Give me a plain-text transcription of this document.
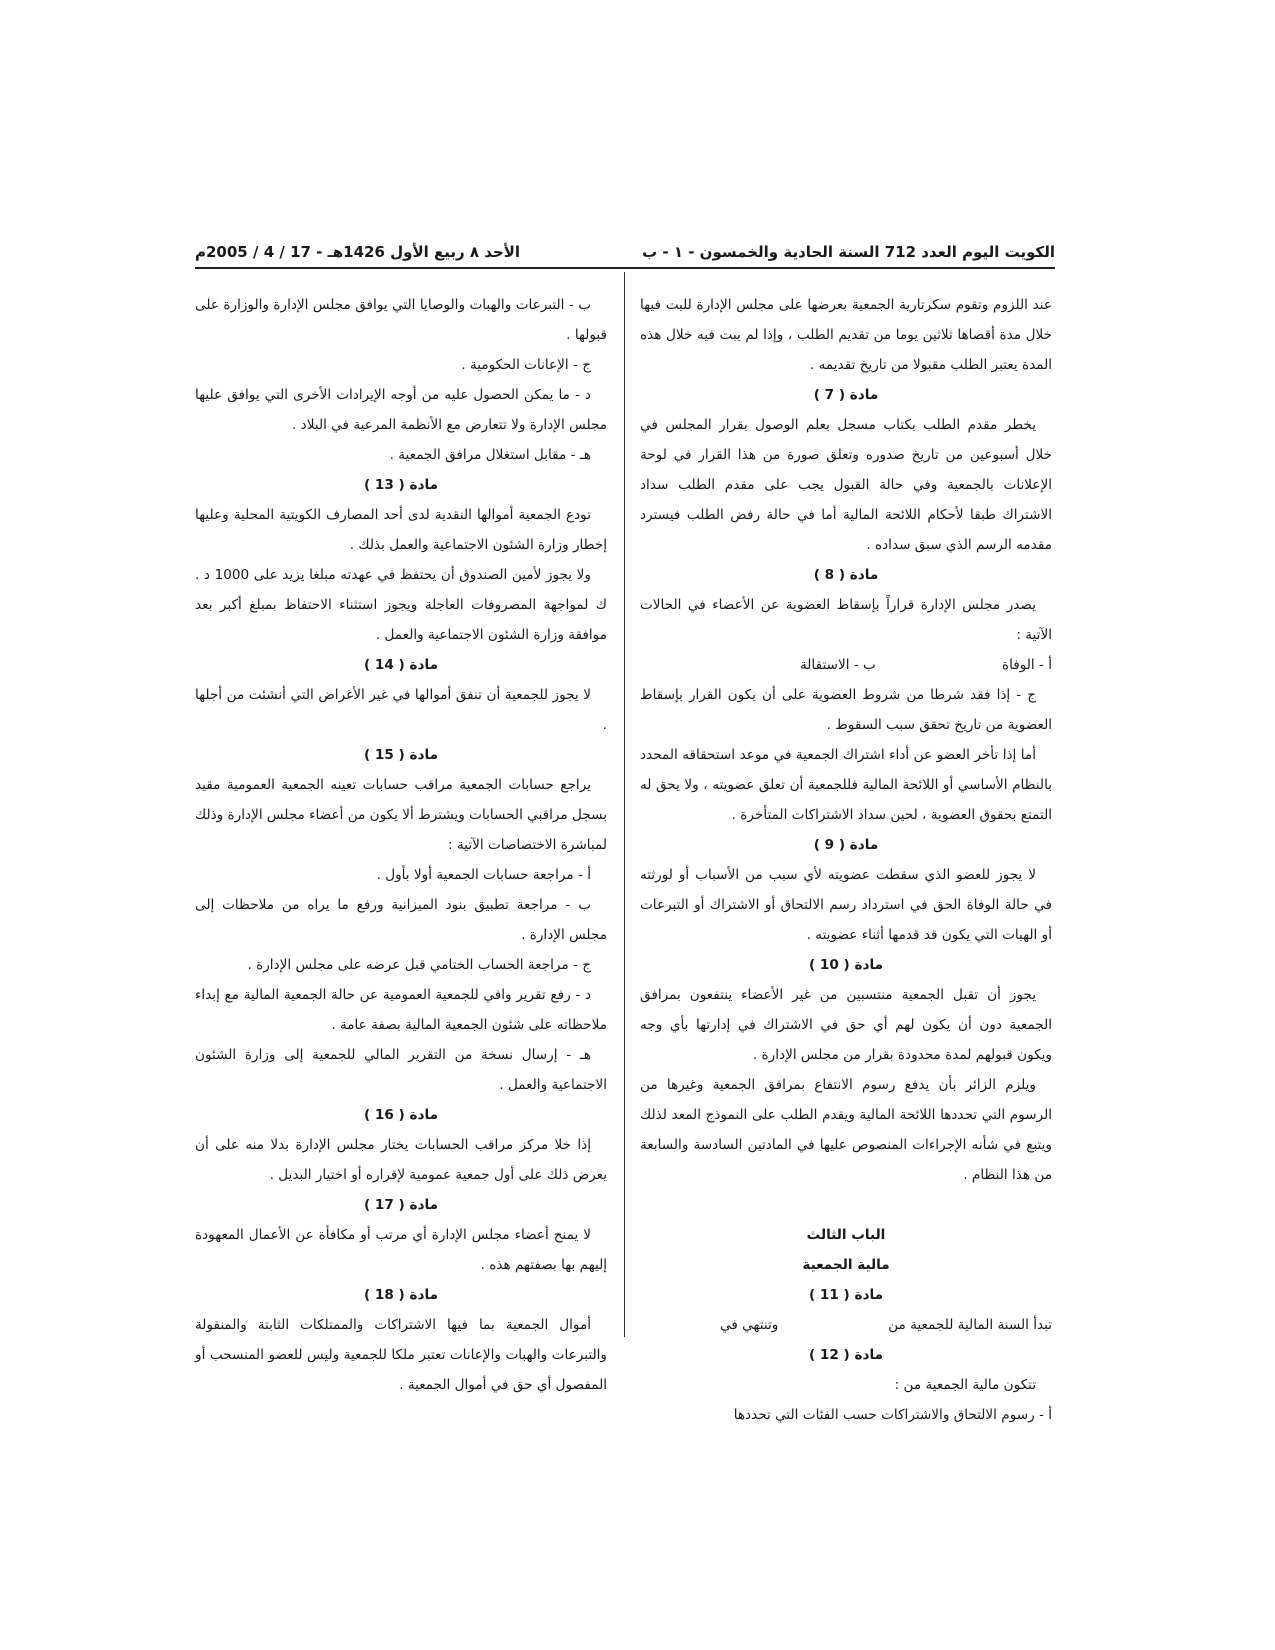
الكويت اليوم العدد 712 السنة الحادية والخمسون - ١ - ب
الأحد ٨ ربيع الأول 1426هـ - 17 / 4 / 2005م

عند اللزوم وتقوم سكرتارية الجمعية بعرضها على مجلس الإدارة للبت فيها خلال مدة أقصاها ثلاثين يوما من تقديم الطلب ، وإذا لم يبت فيه خلال هذه المدة يعتبر الطلب مقبولا من تاريخ تقديمه .

مادة ( 7 )

يخطر مقدم الطلب بكتاب مسجل بعلم الوصول بقرار المجلس في خلال أسبوعين من تاريخ صدوره وتعلق صورة من هذا القرار في لوحة الإعلانات بالجمعية وفي حالة القبول يجب على مقدم الطلب سداد الاشتراك طبقا لأحكام اللائحة المالية أما في حالة رفض الطلب فيسترد مقدمه الرسم الذي سبق سداده .

مادة ( 8 )

يصدر مجلس الإدارة قراراً بإسقاط العضوية عن الأعضاء في الحالات الآتية :

أ - الوفاة
ب - الاستقالة

ج - إذا فقد شرطا من شروط العضوية على أن يكون القرار بإسقاط العضوية من تاريخ تحقق سبب السقوط .

أما إذا تأخر العضو عن أداء اشتراك الجمعية في موعد استحقاقه المحدد بالنظام الأساسي أو اللائحة المالية فللجمعية أن تعلق عضويته ، ولا يحق له التمتع بحقوق العضوية ، لحين سداد الاشتراكات المتأخرة .

مادة ( 9 )

لا يجوز للعضو الذي سقطت عضويته لأي سبب من الأسباب أو لورثته في حالة الوفاة الحق في استرداد رسم الالتحاق أو الاشتراك أو التبرعات أو الهبات التي يكون قد قدمها أثناء عضويته .

مادة ( 10 )

يجوز أن تقبل الجمعية منتسبين من غير الأعضاء ينتفعون بمرافق الجمعية دون أن يكون لهم أي حق في الاشتراك في إدارتها بأي وجه ويكون قبولهم لمدة محدودة بقرار من مجلس الإدارة .

ويلزم الزائر بأن يدفع رسوم الانتفاع بمرافق الجمعية وغيرها من الرسوم التي تحددها اللائحة المالية ويقدم الطلب على النموذج المعد لذلك ويتبع في شأنه الإجراءات المنصوص عليها في المادتين السادسة والسابعة من هذا النظام .

الباب الثالث

مالية الجمعية

مادة ( 11 )

تبدأ السنة المالية للجمعية من
وتنتهي في

مادة ( 12 )

تتكون مالية الجمعية من :

أ - رسوم الالتحاق والاشتراكات حسب الفئات التي تحددها

ب - التبرعات والهبات والوصايا التي يوافق مجلس الإدارة والوزارة على قبولها .

ج - الإعانات الحكومية .

د - ما يمكن الحصول عليه من أوجه الإيرادات الأخرى التي يوافق عليها مجلس الإدارة ولا تتعارض مع الأنظمة المرعية في البلاد .

هـ - مقابل استغلال مرافق الجمعية .

مادة ( 13 )

تودع الجمعية أموالها النقدية لدى أحد المصارف الكويتية المحلية وعليها إخطار وزارة الشئون الاجتماعية والعمل بذلك .

ولا يجوز لأمين الصندوق أن يحتفظ في عهدته مبلغا يزيد على 1000 د . ك لمواجهة المصروفات العاجلة ويجوز استثناء الاحتفاظ بمبلغ أكبر بعد موافقة وزارة الشئون الاجتماعية والعمل .

مادة ( 14 )

لا يجوز للجمعية أن تنفق أموالها في غير الأغراض التي أنشئت من أجلها .

مادة ( 15 )

يراجع حسابات الجمعية مراقب حسابات تعينه الجمعية العمومية مقيد بسجل مراقبي الحسابات ويشترط ألا يكون من أعضاء مجلس الإدارة وذلك لمباشرة الاختصاصات الآتية :

أ - مراجعة حسابات الجمعية أولا بأول .

ب - مراجعة تطبيق بنود الميزانية ورفع ما يراه من ملاحظات إلى مجلس الإدارة .

ج - مراجعة الحساب الختامي قبل عرضه على مجلس الإدارة .

د - رفع تقرير وافي للجمعية العمومية عن حالة الجمعية المالية مع إبداء ملاحظاته على شئون الجمعية المالية بصفة عامة .

هـ - إرسال نسخة من التقرير المالي للجمعية إلى وزارة الشئون الاجتماعية والعمل .

مادة ( 16 )

إذا خلا مركز مراقب الحسابات يختار مجلس الإدارة بدلا منه على أن يعرض ذلك على أول جمعية عمومية لإقراره أو اختيار البديل .

مادة ( 17 )

لا يمنح أعضاء مجلس الإدارة أي مرتب أو مكافأة عن الأعمال المعهودة إليهم بها بصفتهم هذه .

مادة ( 18 )

أموال الجمعية بما فيها الاشتراكات والممتلكات الثابتة والمنقولة والتبرعات والهبات والإعانات تعتبر ملكا للجمعية وليس للعضو المنسحب أو المفصول أي حق في أموال الجمعية .
